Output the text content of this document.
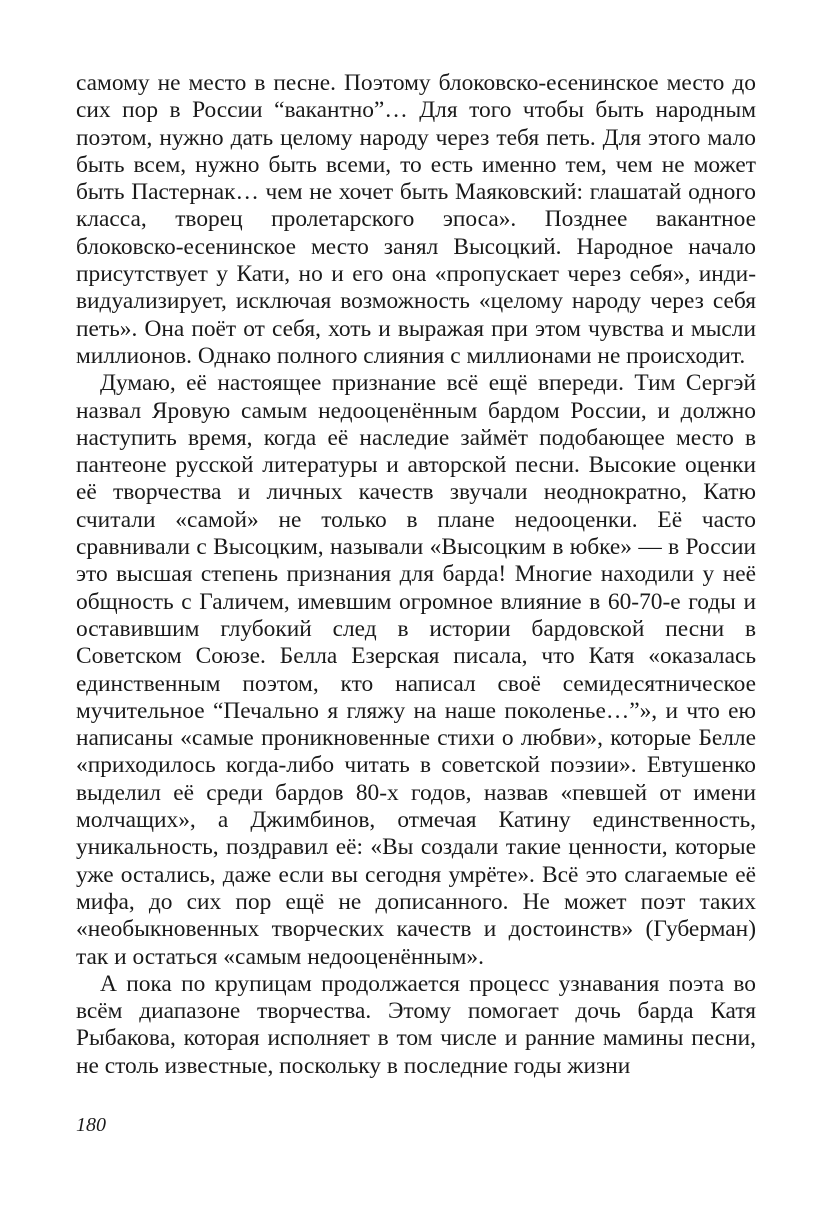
самому не место в песне. Поэтому блоковско-есенинское место до сих пор в России “вакантно”… Для того чтобы быть народным поэтом, нужно дать целому народу через тебя петь. Для этого мало быть всем, нужно быть всеми, то есть именно тем, чем не может быть Пастернак… чем не хочет быть Маяковский: глашатай одного класса, творец пролетарского эпоса». Позднее вакантное блоковско-есенинское место занял Высоцкий. Народное начало присутствует у Кати, но и его она «пропускает через себя», индивидуализирует, исключая возможность «целому народу через себя петь». Она поёт от себя, хоть и выражая при этом чувства и мысли миллионов. Однако полного слияния с миллионами не происходит.

Думаю, её настоящее признание всё ещё впереди. Тим Сергэй назвал Яровую самым недооценённым бардом России, и должно наступить время, когда её наследие займёт подобающее место в пантеоне русской литературы и авторской песни. Высокие оценки её творчества и личных качеств звучали неоднократно, Катю считали «самой» не только в плане недооценки. Её часто сравнивали с Высоцким, называли «Высоцким в юбке» — в России это высшая степень признания для барда! Многие находили у неё общность с Галичем, имевшим огромное влияние в 60-70-е годы и оставившим глубокий след в истории бардовской песни в Советском Союзе. Белла Езерская писала, что Катя «оказалась единственным поэтом, кто написал своё семидесятническое мучительное “Печально я гляжу на наше поколенье…”», и что ею написаны «самые проникновенные стихи о любви», которые Белле «приходилось когда-либо читать в советской поэзии». Евтушенко выделил её среди бардов 80-х годов, назвав «певшей от имени молчащих», а Джимбинов, отмечая Катину единственность, уникальность, поздравил её: «Вы создали такие ценности, которые уже остались, даже если вы сегодня умрёте». Всё это слагаемые её мифа, до сих пор ещё не дописанного. Не может поэт таких «необыкновенных творческих качеств и достоинств» (Губерман) так и остаться «самым недооценённым».

А пока по крупицам продолжается процесс узнавания поэта во всём диапазоне творчества. Этому помогает дочь барда Катя Рыбакова, которая исполняет в том числе и ранние мамины песни, не столь известные, поскольку в последние годы жизни

180
